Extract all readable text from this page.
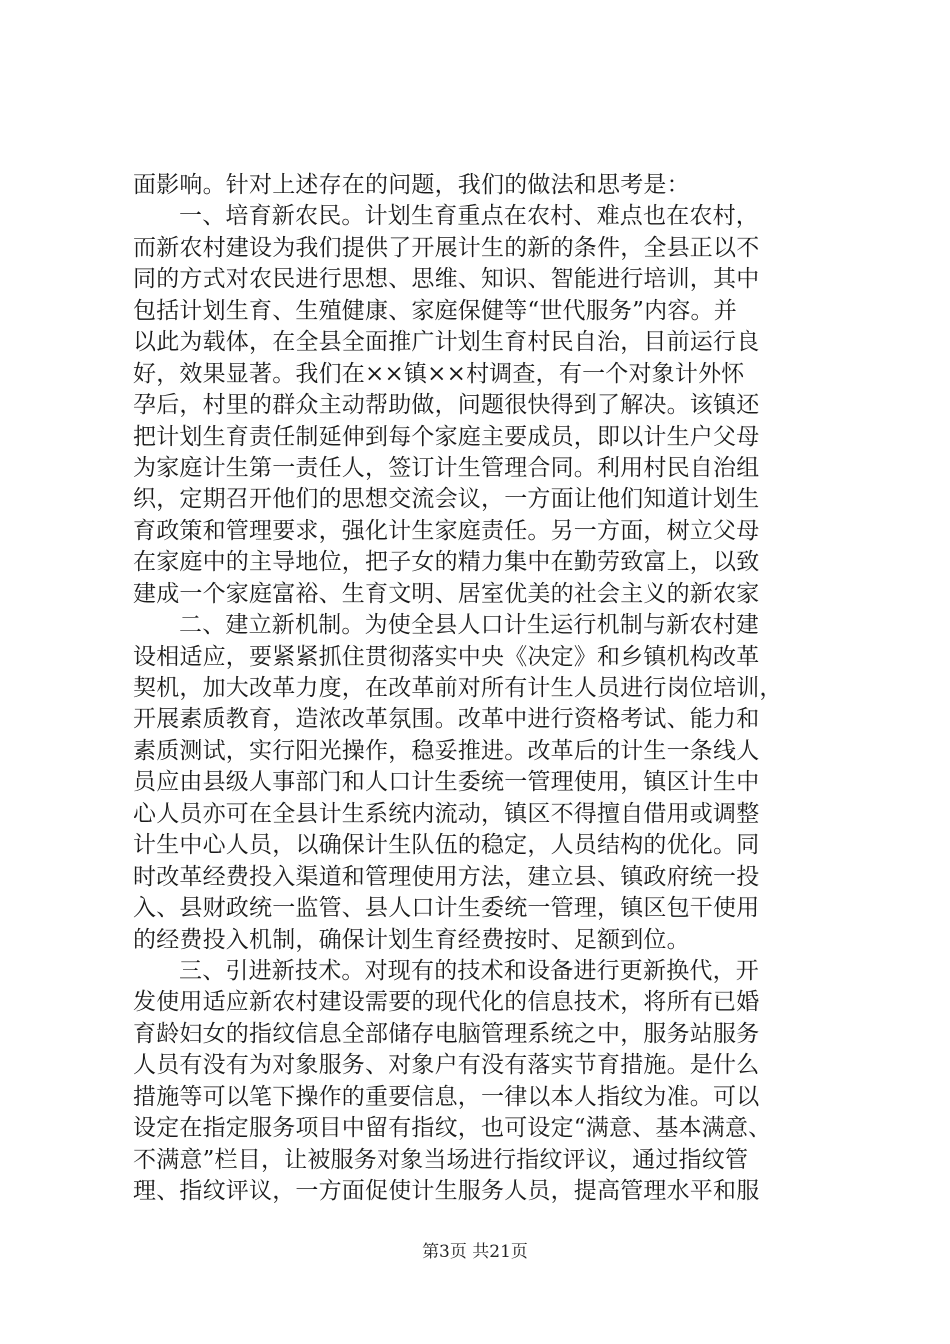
面影响。针对上述存在的问题，我们的做法和思考是：
一、培育新农民。计划生育重点在农村、难点也在农村，
而新农村建设为我们提供了开展计生的新的条件，全县正以不
同的方式对农民进行思想、思维、知识、智能进行培训，其中
包括计划生育、生殖健康、家庭保健等“世代服务”内容。并
以此为载体，在全县全面推广计划生育村民自治，目前运行良
好，效果显著。我们在××镇××村调查，有一个对象计外怀
孕后，村里的群众主动帮助做，问题很快得到了解决。该镇还
把计划生育责任制延伸到每个家庭主要成员，即以计生户父母
为家庭计生第一责任人，签订计生管理合同。利用村民自治组
织，定期召开他们的思想交流会议，一方面让他们知道计划生
育政策和管理要求，强化计生家庭责任。另一方面，树立父母
在家庭中的主导地位，把子女的精力集中在勤劳致富上，以致
建成一个家庭富裕、生育文明、居室优美的社会主义的新农家
二、建立新机制。为使全县人口计生运行机制与新农村建
设相适应，要紧紧抓住贯彻落实中央《决定》和乡镇机构改革
契机，加大改革力度，在改革前对所有计生人员进行岗位培训，
开展素质教育，造浓改革氛围。改革中进行资格考试、能力和
素质测试，实行阳光操作，稳妥推进。改革后的计生一条线人
员应由县级人事部门和人口计生委统一管理使用，镇区计生中
心人员亦可在全县计生系统内流动，镇区不得擅自借用或调整
计生中心人员，以确保计生队伍的稳定，人员结构的优化。同
时改革经费投入渠道和管理使用方法，建立县、镇政府统一投
入、县财政统一监管、县人口计生委统一管理，镇区包干使用
的经费投入机制，确保计划生育经费按时、足额到位。
三、引进新技术。对现有的技术和设备进行更新换代，开
发使用适应新农村建设需要的现代化的信息技术，将所有已婚
育龄妇女的指纹信息全部储存电脑管理系统之中，服务站服务
人员有没有为对象服务、对象户有没有落实节育措施。是什么
措施等可以笔下操作的重要信息，一律以本人指纹为准。可以
设定在指定服务项目中留有指纹，也可设定“满意、基本满意、
不满意”栏目，让被服务对象当场进行指纹评议，通过指纹管
理、指纹评议，一方面促使计生服务人员，提高管理水平和服
第3页 共21页
